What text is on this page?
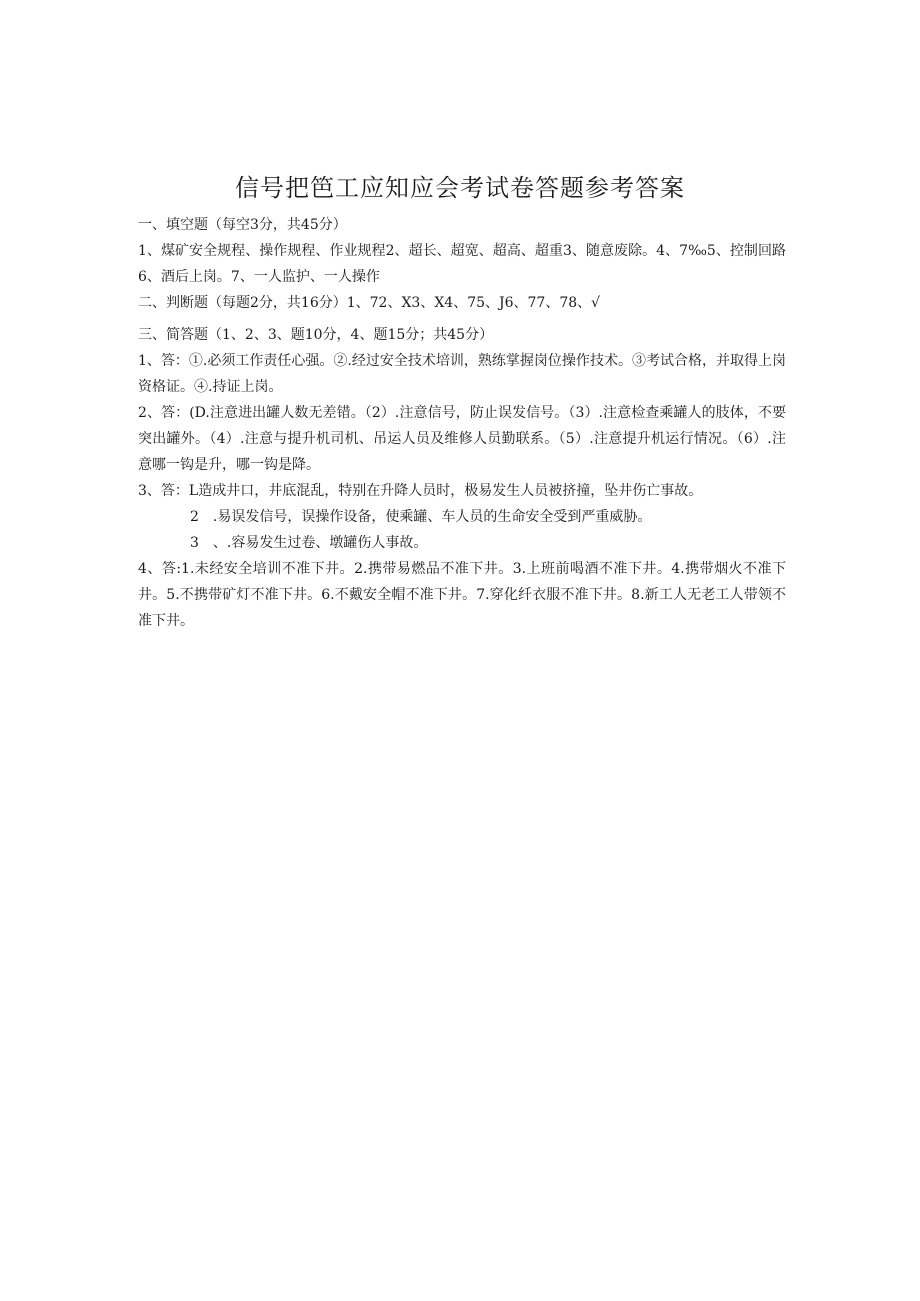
信号把笆工应知应会考试卷答题参考答案

一、填空题（每空3分，共45分）

1、煤矿安全规程、操作规程、作业规程2、超长、超宽、超高、超重3、随意废除。4、7‰5、控制回路6、酒后上岗。7、一人监护、一人操作

二、判断题（每题2分，共16分）1、72、X3、X4、75、J6、77、78、√

三、简答题（1、2、3、题10分，4、题15分；共45分）

1、答：①.必须工作责任心强。②.经过安全技术培训，熟练掌握岗位操作技术。③考试合格，并取得上岗资格证。④.持证上岗。

2、答：(D.注意进出罐人数无差错。（2）.注意信号，防止误发信号。（3）.注意检查乘罐人的肢体，不要突出罐外。（4）.注意与提升机司机、吊运人员及维修人员勤联系。（5）.注意提升机运行情况。（6）.注意哪一钩是升，哪一钩是降。

3、答：L造成井口，井底混乱，特别在升降人员时，极易发生人员被挤撞，坠井伤亡事故。

2　.易误发信号，误操作设备，使乘罐、车人员的生命安全受到严重威胁。

3　、.容易发生过卷、墩罐伤人事故。

4、答:1.未经安全培训不准下井。2.携带易燃品不准下井。3.上班前喝酒不准下井。4.携带烟火不准下井。5.不携带矿灯不准下井。6.不戴安全帽不准下井。7.穿化纤衣服不准下井。8.新工人无老工人带领不准下井。
